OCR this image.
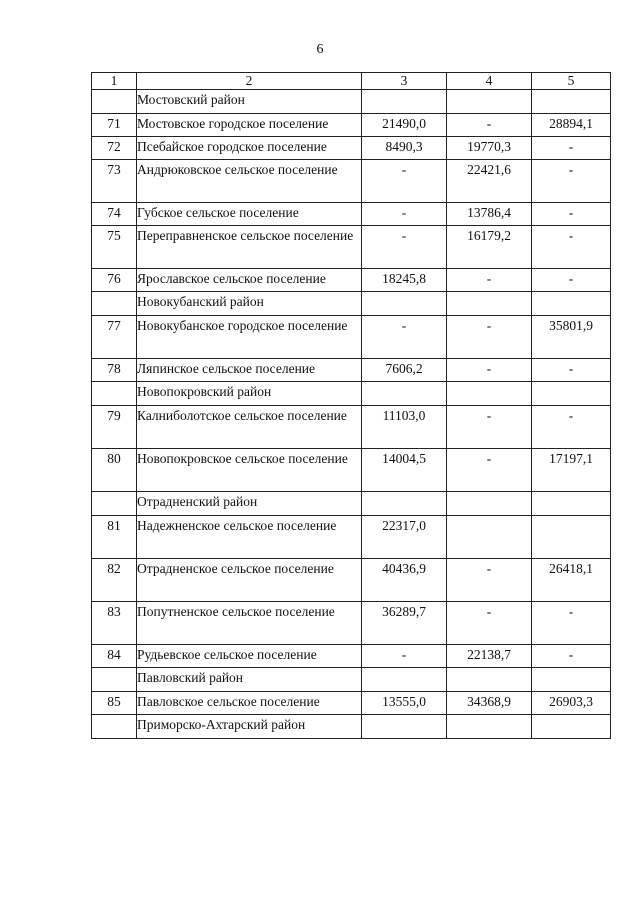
6
1	2	3	4	5
	Мостовский район			
71	Мостовское городское поселение	21490,0	-	28894,1
72	Псебайское городское поселение	8490,3	19770,3	-
73	Андрюковское сельское поселение	-	22421,6	-
74	Губское сельское поселение	-	13786,4	-
75	Переправненское сельское поселение	-	16179,2	-
76	Ярославское сельское поселение	18245,8	-	-
	Новокубанский район			
77	Новокубанское городское поселение	-	-	35801,9
78	Ляпинское сельское поселение	7606,2	-	-
	Новопокровский район			
79	Калниболотское сельское поселение	11103,0	-	-
80	Новопокровское сельское поселение	14004,5	-	17197,1
	Отрадненский район			
81	Надежненское сельское поселение	22317,0		
82	Отрадненское сельское поселение	40436,9	-	26418,1
83	Попутненское сельское поселение	36289,7	-	-
84	Рудьевское сельское поселение	-	22138,7	-
	Павловский район			
85	Павловское сельское поселение	13555,0	34368,9	26903,3
	Приморско-Ахтарский район			
